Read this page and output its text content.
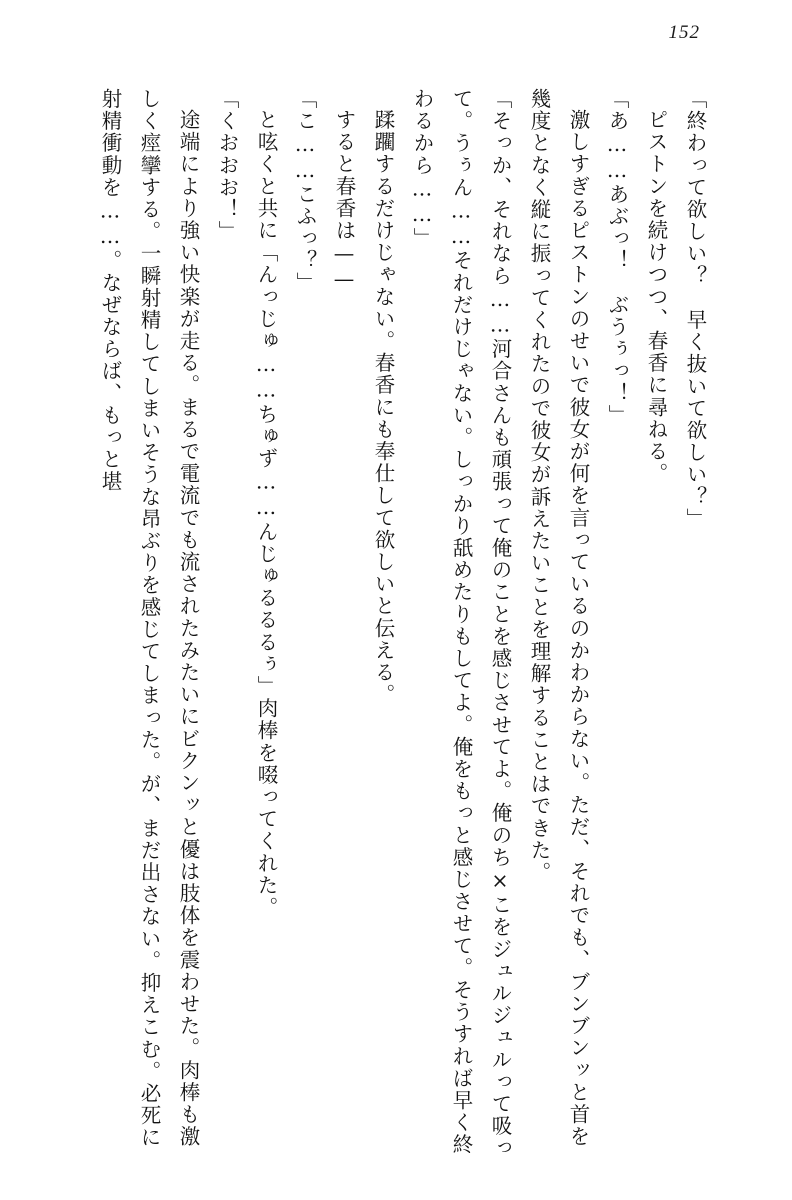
152

「終わって欲しい？　早く抜いて欲しい？」

ピストンを続けつつ、春香に尋ねる。

「あ……あぶっ！　ぶうぅっ！」

激しすぎるピストンのせいで彼女が何を言っているのかわからない。ただ、それでも、ブンブンッと首を幾度となく縦に振ってくれたので彼女が訴えたいことを理解することはできた。

「そっか、それなら……河合さんも頑張って俺のことを感じさせてよ。俺のち×こをジュルジュルって吸って。うぅん……それだけじゃない。しっかり舐めたりもしてよ。俺をもっと感じさせて。そうすれば早く終わるから……」

蹂躙するだけじゃない。春香にも奉仕して欲しいと伝える。

すると春香は——

「こ……こふっ？」

と呟くと共に「んっじゅ……ちゅず……んじゅるるるぅ」肉棒を啜ってくれた。

「くおおお！」

途端により強い快楽が走る。まるで電流でも流されたみたいにビクンッと優は肢体を震わせた。肉棒も激しく痙攣する。一瞬射精してしまいそうな昂ぶりを感じてしまった。が、まだ出さない。抑えこむ。必死に射精衝動を……。なぜならば、もっと堪
